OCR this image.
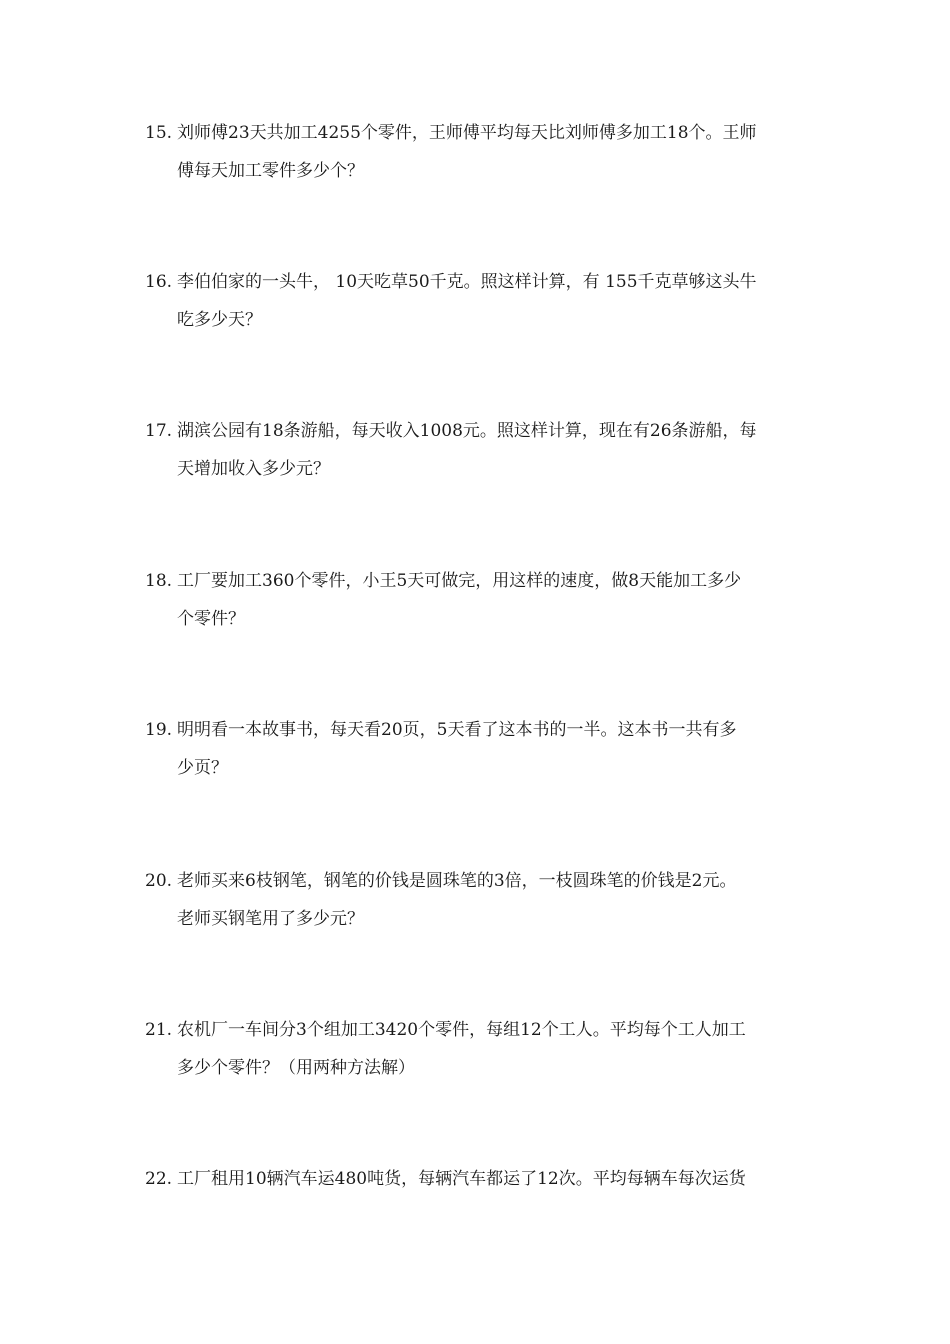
15. 刘师傅23天共加工4255个零件，王师傅平均每天比刘师傅多加工18个。王师
傅每天加工零件多少个？
16. 李伯伯家的一头牛， 10天吃草50千克。照这样计算，有 155千克草够这头牛
吃多少天？
17. 湖滨公园有18条游船，每天收入1008元。照这样计算，现在有26条游船，每
天增加收入多少元？
18. 工厂要加工360个零件，小王5天可做完，用这样的速度，做8天能加工多少
个零件？
19. 明明看一本故事书，每天看20页，5天看了这本书的一半。这本书一共有多
少页？
20. 老师买来6枝钢笔，钢笔的价钱是圆珠笔的3倍，一枝圆珠笔的价钱是2元。
老师买钢笔用了多少元？
21. 农机厂一车间分3个组加工3420个零件，每组12个工人。平均每个工人加工
多少个零件？（用两种方法解）
22. 工厂租用10辆汽车运480吨货，每辆汽车都运了12次。平均每辆车每次运货
